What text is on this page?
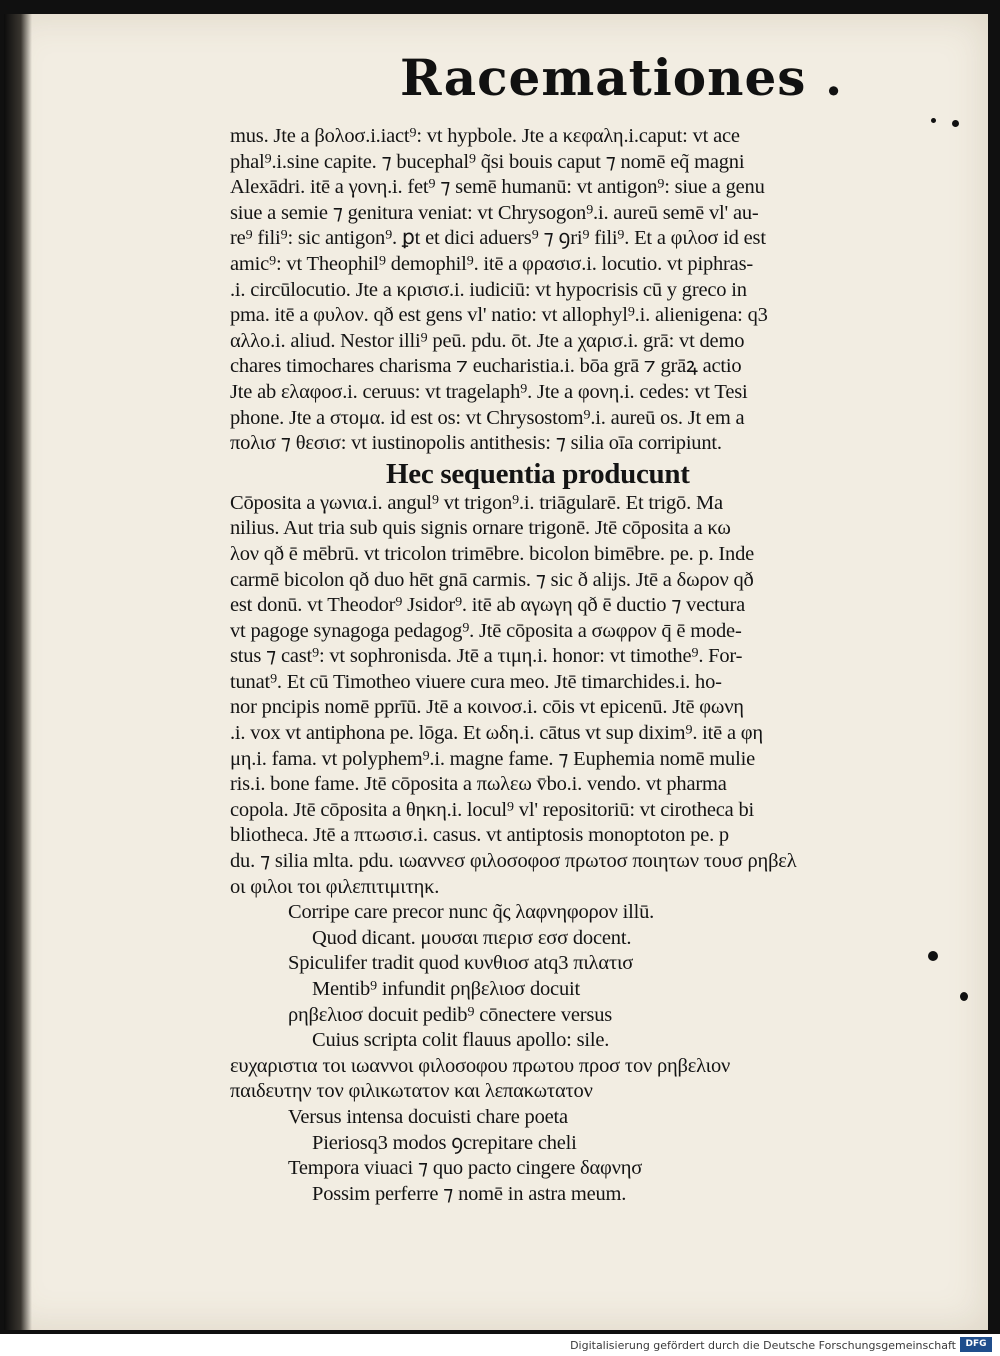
Racemationes .
mus. Jte a βολοσ.i.iact⁹: vt hypbole. Jte a κεφαλη.i.caput: vt ace
phal⁹.i.sine capite. ⁊ bucephal⁹ q̃si bouis caput ⁊ nomē eq̃ magni
Alexādri. itē a γονη.i. fet⁹ ⁊ semē humanū: vt antigon⁹: siue a genu
siue a semie ⁊ genitura veniat: vt Chrysogon⁹.i. aureū semē vl' au-
re⁹ fili⁹: sic antigon⁹. ꝑt et dici aduers⁹ ⁊ ꝯri⁹ fili⁹. Et a φιλοσ id est
amic⁹: vt Theophil⁹ demophil⁹. itē a φρασισ.i. locutio. vt piphras-
.i. circūlocutio. Jte a κρισισ.i. iudiciū: vt hypocrisis cū y greco in
pma. itē a φυλον. qð est gens vl' natio: vt allophyl⁹.i. alienigena: q3
αλλο.i. aliud. Nestor illi⁹ peū. pdu. ōt. Jte a χαρισ.i. grā: vt demo
chares timochares charisma ⁊ eucharistia.i. bōa grā ⁊ grāꝝ actio
Jte ab ελαφοσ.i. ceruus: vt tragelaph⁹. Jte a φονη.i. cedes: vt Tesi
phone. Jte a στομα. id est os: vt Chrysostom⁹.i. aureū os. Jt em a
πολισ ⁊ θεσισ: vt iustinopolis antithesis: ⁊ silia oīa corripiunt.
Hec sequentia producunt
Cōposita a γωνια.i. angul⁹ vt trigon⁹.i. triāgularē. Et trigō. Ma
nilius. Aut tria sub quis signis ornare trigonē. Jtē cōposita a κω
λον qð ē mēbrū. vt tricolon trimēbre. bicolon bimēbre. pe. p. Inde
carmē bicolon qð duo hēt gnā carmis. ⁊ sic ð alijs. Jtē a δωρον qð
est donū. vt Theodor⁹ Jsidor⁹. itē ab αγωγη qð ē ductio ⁊ vectura
vt pagoge synagoga pedagog⁹. Jtē cōposita a σωφρον q̄ ē mode-
stus ⁊ cast⁹: vt sophronisda. Jtē a τιμη.i. honor: vt timothe⁹. For-
tunat⁹. Et cū Timotheo viuere cura meo. Jtē timarchides.i. ho-
nor pncipis nomē pprīū. Jtē a κοινοσ.i. cōis vt epicenū. Jtē φωνη
.i. vox vt antiphona pe. lōga. Et ωδη.i. cātus vt sup dixim⁹. itē a φη
μη.i. fama. vt polyphem⁹.i. magne fame. ⁊ Euphemia nomē mulie
ris.i. bone fame. Jtē cōposita a πωλεω v̄bo.i. vendo. vt pharma
copola. Jtē cōposita a θηκη.i. locul⁹ vl' repositoriū: vt cirotheca bi
bliotheca. Jtē a πτωσισ.i. casus. vt antiptosis monoptoton pe. p
du. ⁊ silia mlta. pdu. ιωαννεσ φιλοσοφοσ πρωτοσ ποιητων τουσ ρηβελ
οι φιλοι τοι φιλεπιτιμιτηκ.
Corripe care precor nunc q̃ς λαφνηφορον illū.
Quod dicant. μουσαι πιερισ εσσ docent.
Spiculifer tradit quod κυνθιοσ atq3 πιλατισ
Mentib⁹ infundit ρηβελιοσ docuit
ρηβελιοσ docuit pedib⁹ cōnectere versus
Cuius scripta colit flauus apollo: sile.
ευχαριστια τοι ιωαννοι φιλοσοφου πρωτου προσ τον ρηβελιον
παιδευτην τον φιλικωτατον και λεπακωτατον
Versus intensa docuisti chare poeta
Pieriosq3 modos ꝯcrepitare cheli
Tempora viuaci ⁊ quo pacto cingere δαφνησ
Possim perferre ⁊ nomē in astra meum.
Digitalisierung gefördert durch die Deutsche Forschungsgemeinschaft	DFG
